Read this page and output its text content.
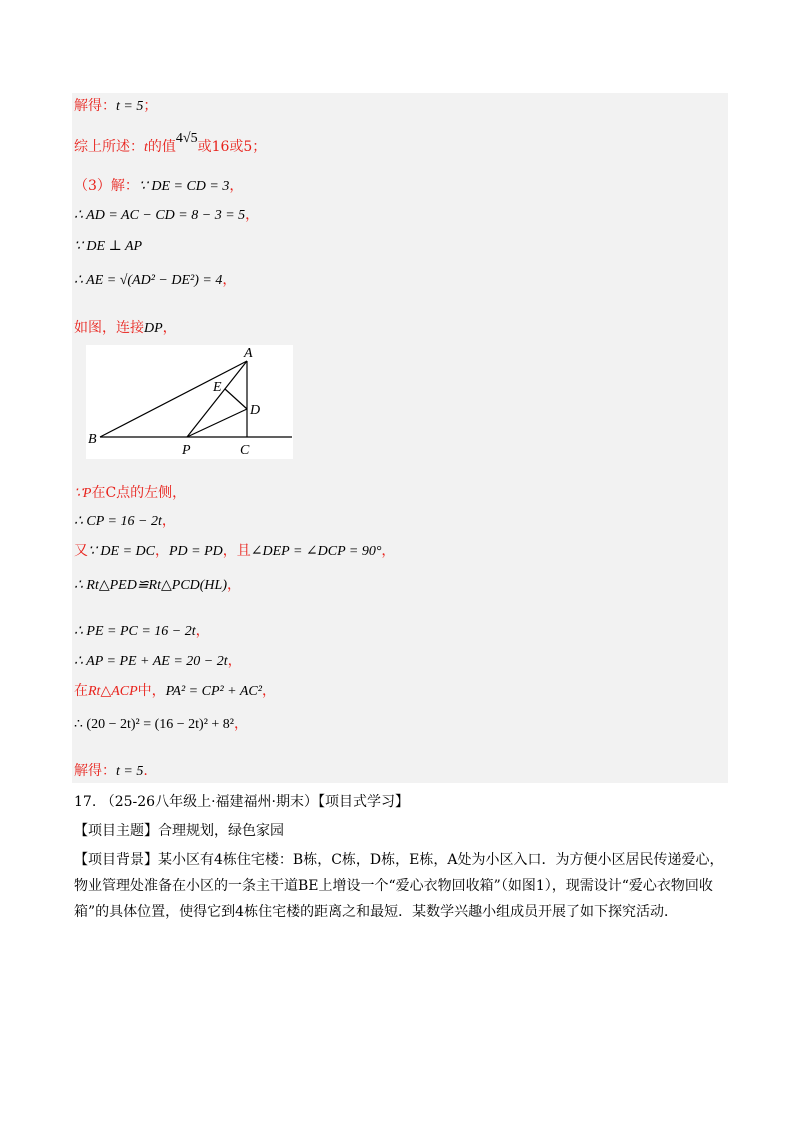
解得：t = 5；
综上所述：t的值4√5或16或5；
（3）解：∵ DE = CD = 3，
∴ AD = AC − CD = 8 − 3 = 5，
∵ DE ⊥ AP
∴ AE = √(AD² − DE²) = 4，
如图，连接DP，
A
B
C
D
E
P
∵P在C点的左侧，
∴ CP = 16 − 2t，
又∵ DE = DC，PD = PD，且∠DEP = ∠DCP = 90°，
∴ Rt△PED≌Rt△PCD(HL)，
∴ PE = PC = 16 − 2t，
∴ AP = PE + AE = 20 − 2t，
在Rt△ACP中，PA² = CP² + AC²，
∴ (20 − 2t)² = (16 − 2t)² + 8²，
解得：t = 5.
17. （25-26八年级上·福建福州·期末）【项目式学习】
【项目主题】合理规划，绿色家园
【项目背景】某小区有4栋住宅楼：B栋，C栋，D栋，E栋，A处为小区入口．为方便小区居民传递爱心，物业管理处准备在小区的一条主干道BE上增设一个“爱心衣物回收箱”（如图1），现需设计“爱心衣物回收箱”的具体位置，使得它到4栋住宅楼的距离之和最短．某数学兴趣小组成员开展了如下探究活动．
